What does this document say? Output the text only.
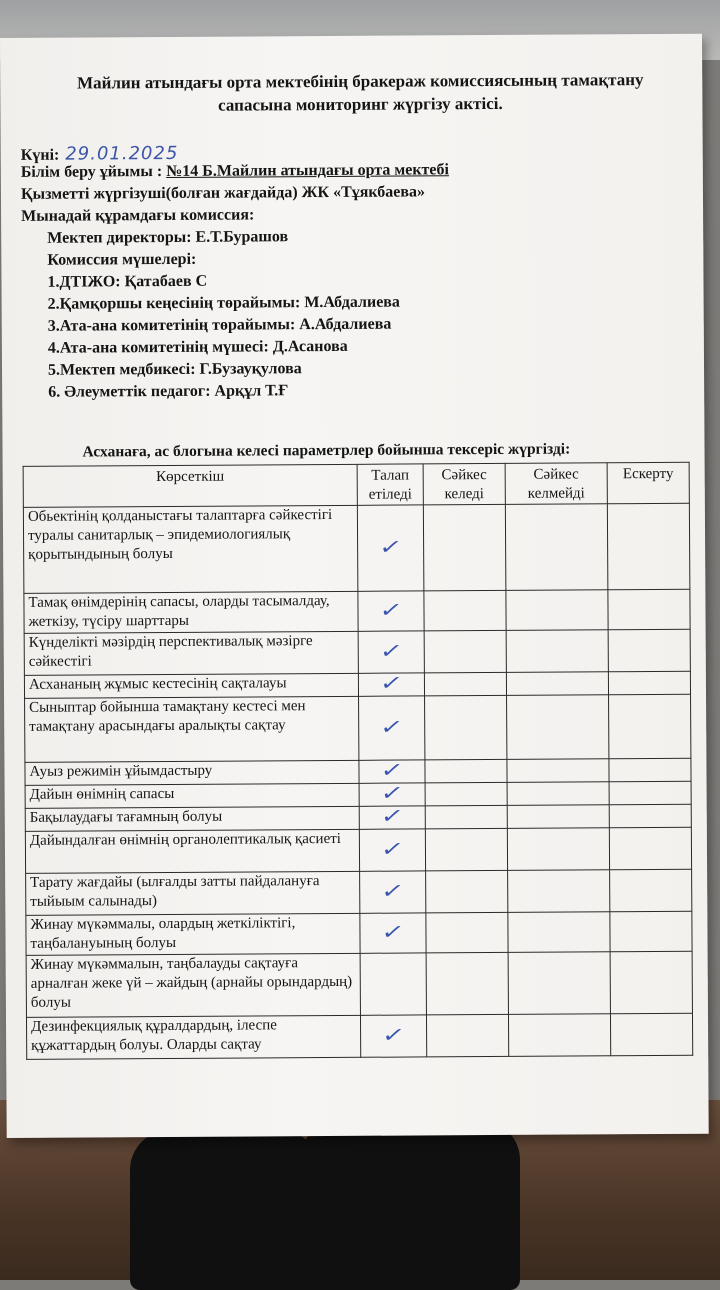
Майлин атындағы орта мектебінің бракераж комиссиясының тамақтану сапасына мониторинг жүргізу актісі.
Күні: 29.01.2025
Білім беру ұйымы : №14 Б.Майлин атындағы орта мектебі
Қызметті жүргізуші(болған жағдайда) ЖК «Тұякбаева»
Мынадай құрамдағы комиссия:
Мектеп директоры: Е.Т.Бурашов
Комиссия мүшелері:
1.ДТІЖО: Қатабаев С
2.Қамқоршы кеңесінің төрайымы: М.Абдалиева
3.Ата-ана комитетінің төрайымы: А.Абдалиева
4.Ата-ана комитетінің мүшесі: Д.Асанова
5.Мектеп медбикесі: Г.Бузауқулова
6. Әлеуметтік педагог: Арқұл Т.Ғ
Асханаға, ас блогына келесі параметрлер бойынша тексеріс жүргізді:
Көрсеткіш	Талап етіледі	Сәйкес келеді	Сәйкес келмейді	Ескерту
Обьектінің қолданыстағы талаптарға сәйкестігі туралы санитарлық – эпидемиологиялық қорытындының болуы	✓			
Тамақ өнімдерінің сапасы, оларды тасымалдау, жеткізу, түсіру шарттары	✓			
Күнделікті мәзірдің перспективалық мәзірге сәйкестігі	✓			
Асхананың жұмыс кестесінің сақталауы	✓			
Сыныптар бойынша тамақтану кестесі мен тамақтану арасындағы аралықты сақтау	✓			
Ауыз режимін ұйымдастыру	✓			
Дайын өнімнің сапасы	✓			
Бақылаудағы тағамның болуы	✓			
Дайындалған өнімнің органолептикалық қасиеті	✓			
Тарату жағдайы (ылғалды затты пайдалануға тыйыым салынады)	✓			
Жинау мүкәммалы, олардың жеткіліктігі, таңбалануының болуы	✓			
Жинау мүкәммалын, таңбалауды сақтауға арналған жеке үй – жайдың (арнайы орындардың) болуы				
Дезинфекциялық құралдардың, ілеспе құжаттардың болуы. Оларды сақтау	✓			
